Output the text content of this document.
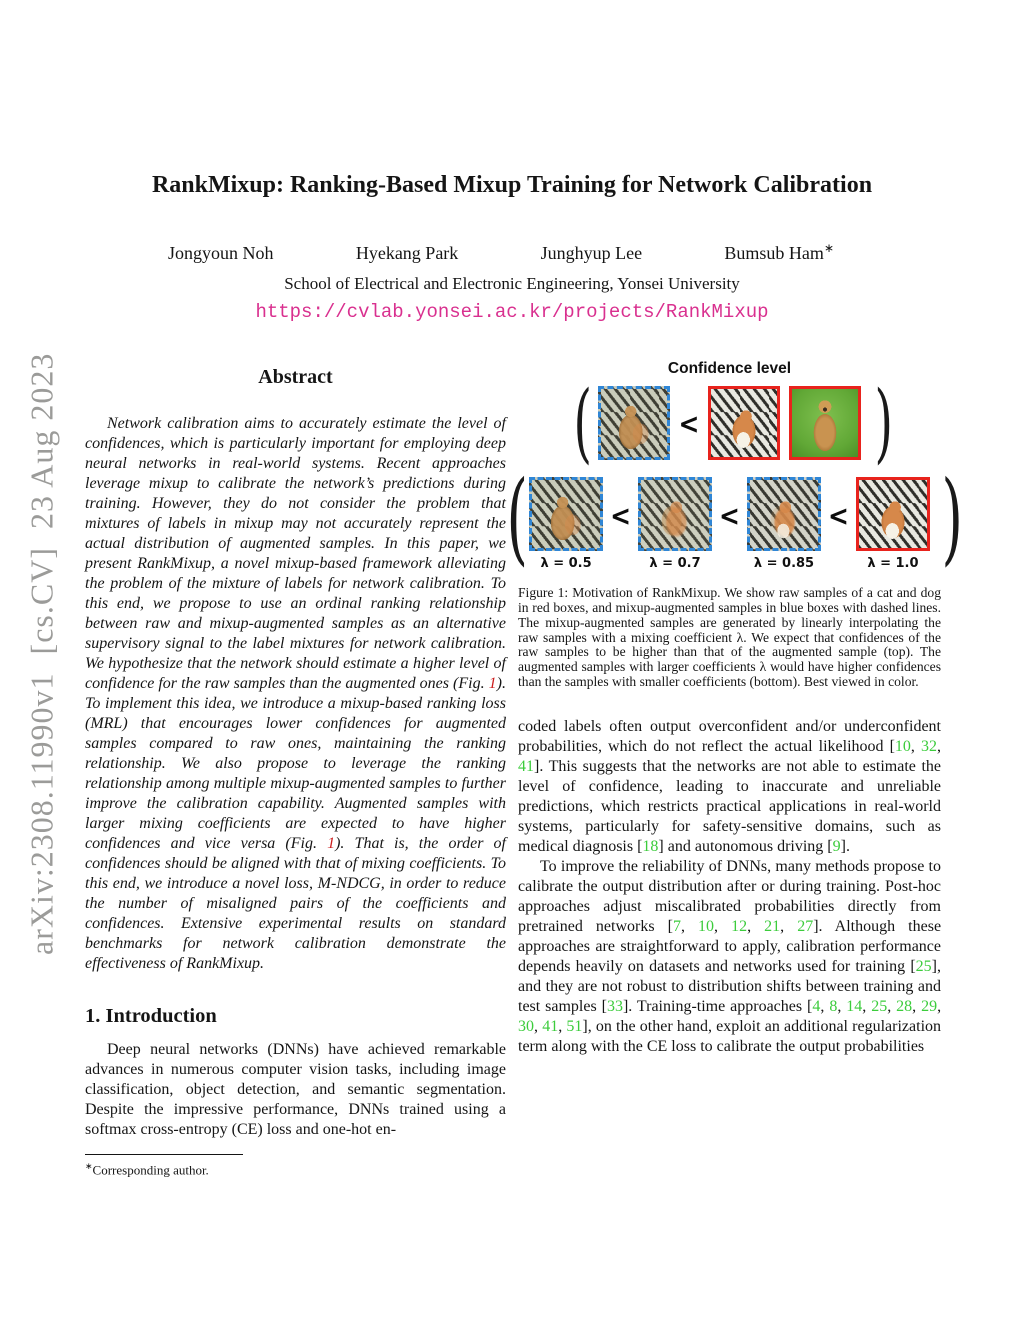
arXiv:2308.11990v1  [cs.CV]  23 Aug 2023
RankMixup: Ranking-Based Mixup Training for Network Calibration
Jongyoun Noh	Hyekang Park	Junghyup Lee	Bumsub Ham∗
School of Electrical and Electronic Engineering, Yonsei University
https://cvlab.yonsei.ac.kr/projects/RankMixup
Abstract

Network calibration aims to accurately estimate the level of confidences, which is particularly important for employing deep neural networks in real-world systems. Recent approaches leverage mixup to calibrate the network’s predictions during training. However, they do not consider the problem that mixtures of labels in mixup may not accurately represent the actual distribution of augmented samples. In this paper, we present RankMixup, a novel mixup-based framework alleviating the problem of the mixture of labels for network calibration. To this end, we propose to use an ordinal ranking relationship between raw and mixup-augmented samples as an alternative supervisory signal to the label mixtures for network calibration. We hypothesize that the network should estimate a higher level of confidence for the raw samples than the augmented ones (Fig. 1). To implement this idea, we introduce a mixup-based ranking loss (MRL) that encourages lower confidences for augmented samples compared to raw ones, maintaining the ranking relationship. We also propose to leverage the ranking relationship among multiple mixup-augmented samples to further improve the calibration capability. Augmented samples with larger mixing coefficients are expected to have higher confidences and vice versa (Fig. 1). That is, the order of confidences should be aligned with that of mixing coefficients. To this end, we introduce a novel loss, M-NDCG, in order to reduce the number of misaligned pairs of the coefficients and confidences. Extensive experimental results on standard benchmarks for network calibration demonstrate the effectiveness of RankMixup.

1. Introduction

Deep neural networks (DNNs) have achieved remarkable advances in numerous computer vision tasks, including image classification, object detection, and semantic segmentation. Despite the impressive performance, DNNs trained using a softmax cross-entropy (CE) loss and one-hot en-

∗Corresponding author.
Confidence level
(	< )
( λ = 0.5
<
λ = 0.7
<
λ = 0.85
<
λ = 1.0 )
Figure 1: Motivation of RankMixup. We show raw samples of a cat and dog in red boxes, and mixup-augmented samples in blue boxes with dashed lines. The mixup-augmented samples are generated by linearly interpolating the raw samples with a mixing coefficient λ. We expect that confidences of the raw samples to be higher than that of the augmented sample (top). The augmented samples with larger coefficients λ would have higher confidences than the samples with smaller coefficients (bottom). Best viewed in color.

coded labels often output overconfident and/or underconfident probabilities, which do not reflect the actual likelihood [10, 32, 41]. This suggests that the networks are not able to estimate the level of confidence, leading to inaccurate and unreliable predictions, which restricts practical applications in real-world systems, particularly for safety-sensitive domains, such as medical diagnosis [18] and autonomous driving [9].

To improve the reliability of DNNs, many methods propose to calibrate the output distribution after or during training. Post-hoc approaches adjust miscalibrated probabilities directly from pretrained networks [7, 10, 12, 21, 27]. Although these approaches are straightforward to apply, calibration performance depends heavily on datasets and networks used for training [25], and they are not robust to distribution shifts between training and test samples [33]. Training-time approaches [4, 8, 14, 25, 28, 29, 30, 41, 51], on the other hand, exploit an additional regularization term along with the CE loss to calibrate the output probabilities
